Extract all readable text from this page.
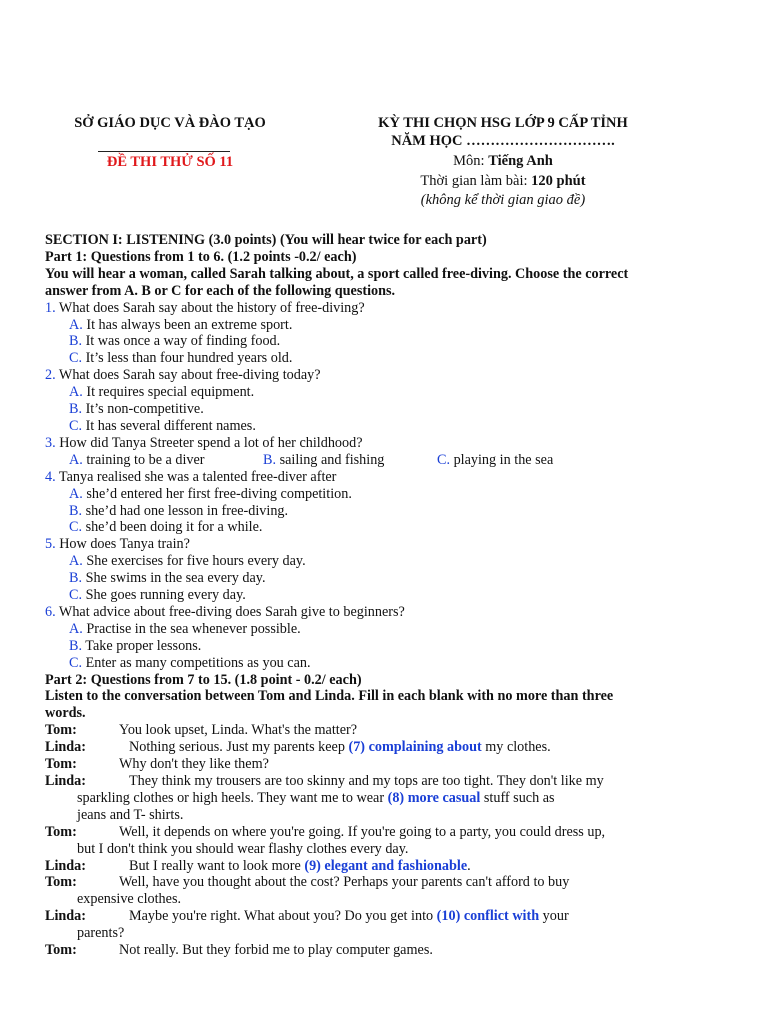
SỞ GIÁO DỤC VÀ ĐÀO TẠO
ĐỀ THI THỬ SỐ 11
KỲ THI CHỌN HSG LỚP 9 CẤP TỈNH
NĂM HỌC ………………………….
Môn: Tiếng Anh
Thời gian làm bài: 120 phút
(không kể thời gian giao đề)
SECTION I: LISTENING (3.0 points) (You will hear twice for each part)
Part 1: Questions from 1 to 6. (1.2 points -0.2/ each)
You will hear a woman, called Sarah talking about, a sport called free-diving. Choose the correct
answer from A. B or C for each of the following questions.
1. What does Sarah say about the history of free-diving?
A. It has always been an extreme sport.
B. It was once a way of finding food.
C. It’s less than four hundred years old.
2. What does Sarah say about free-diving today?
A. It requires special equipment.
B. It’s non-competitive.
C. It has several different names.
3. How did Tanya Streeter spend a lot of her childhood?
A. training to be a diver	B. sailing and fishing	C. playing in the sea
4. Tanya realised she was a talented free-diver after
A. she’d entered her first free-diving competition.
B. she’d had one lesson in free-diving.
C. she’d been doing it for a while.
5. How does Tanya train?
A. She exercises for five hours every day.
B. She swims in the sea every day.
C. She goes running every day.
6. What advice about free-diving does Sarah give to beginners?
A. Practise in the sea whenever possible.
B. Take proper lessons.
C. Enter as many competitions as you can.
Part 2: Questions from 7 to 15. (1.8 point - 0.2/ each)
Listen to the conversation between Tom and Linda. Fill in each blank with no more than three
words.
Tom:	You look upset, Linda. What's the matter?
Linda:	Nothing serious. Just my parents keep (7) complaining about my clothes.
Tom:	Why don't they like them?
Linda:	They think my trousers are too skinny and my tops are too tight. They don't like my
sparkling clothes or high heels. They want me to wear (8) more casual stuff such as
jeans and T- shirts.
Tom:	Well, it depends on where you're going. If you're going to a party, you could dress up,
but I don't think you should wear flashy clothes every day.
Linda:	But I really want to look more (9) elegant and fashionable.
Tom:	Well, have you thought about the cost? Perhaps your parents can't afford to buy
expensive clothes.
Linda:	Maybe you're right. What about you? Do you get into (10) conflict with your
parents?
Tom:	Not really. But they forbid me to play computer games.
